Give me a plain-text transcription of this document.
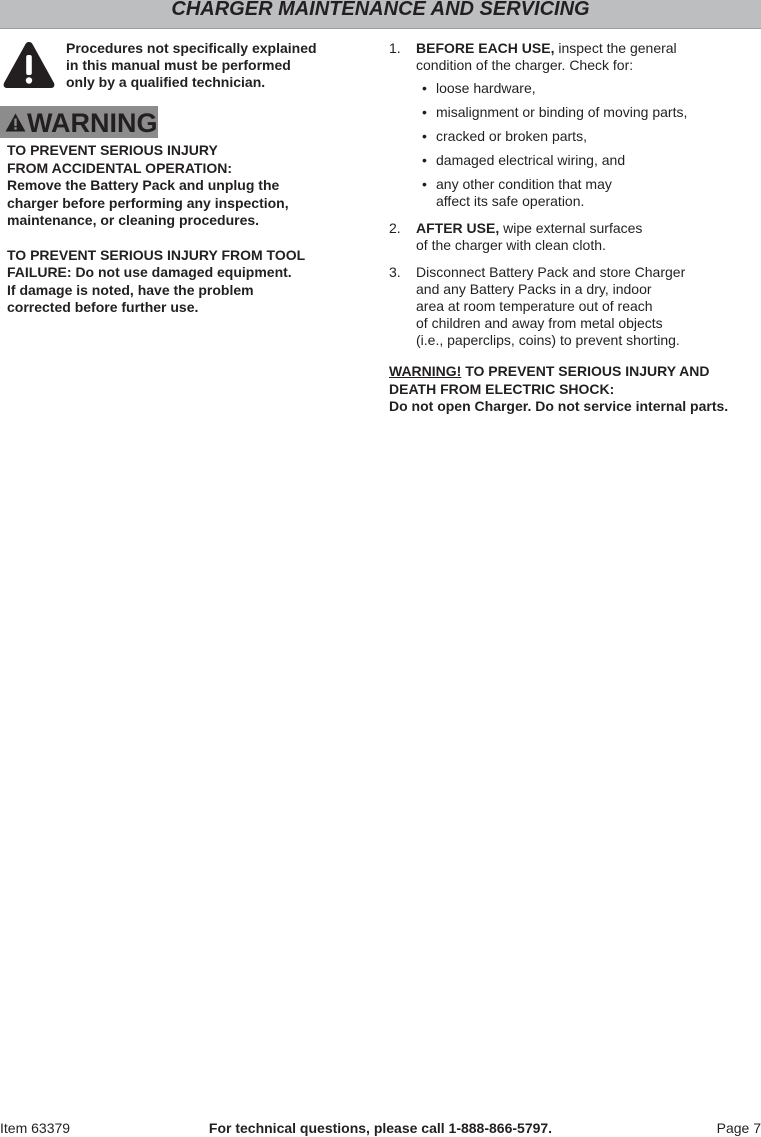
CHARGER MAINTENANCE AND SERVICING
Procedures not specifically explained
in this manual must be performed
only by a qualified technician.
WARNING

TO PREVENT SERIOUS INJURY
FROM ACCIDENTAL OPERATION:
Remove the Battery Pack and unplug the
charger before performing any inspection,
maintenance, or cleaning procedures.

TO PREVENT SERIOUS INJURY FROM TOOL
FAILURE: Do not use damaged equipment.
If damage is noted, have the problem
corrected before further use.

1. BEFORE EACH USE, inspect the general
condition of the charger. Check for:
• loose hardware,
• misalignment or binding of moving parts,
• cracked or broken parts,
• damaged electrical wiring, and
• any other condition that may
affect its safe operation.
2. AFTER USE, wipe external surfaces
of the charger with clean cloth.
3. Disconnect Battery Pack and store Charger
and any Battery Packs in a dry, indoor
area at room temperature out of reach
of children and away from metal objects
(i.e., paperclips, coins) to prevent shorting.
WARNING! TO PREVENT SERIOUS INJURY AND
DEATH FROM ELECTRIC SHOCK:
Do not open Charger. Do not service internal parts.
Item 63379	For technical questions, please call 1-888-866-5797.	Page 7
